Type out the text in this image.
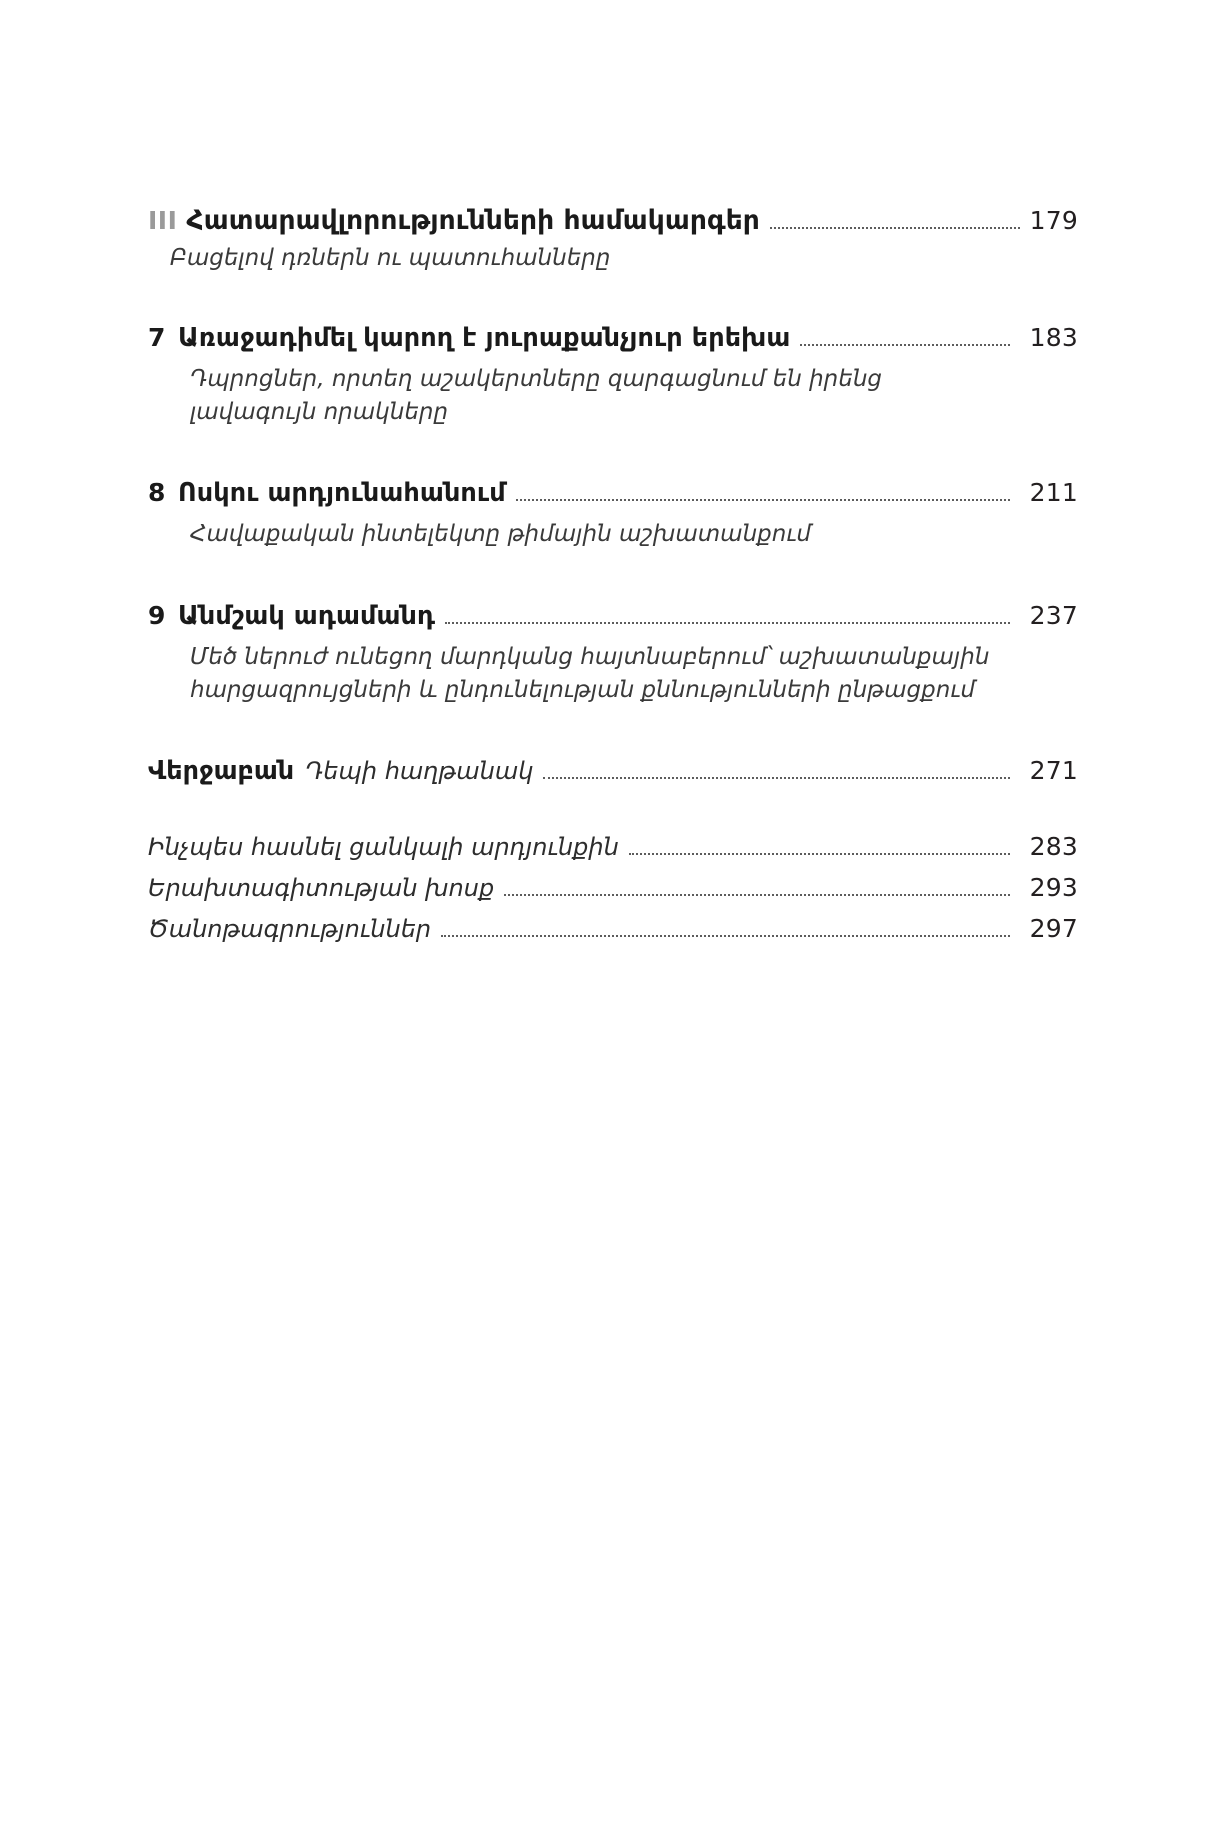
III Հատարավլորությունների համակարգեր	179
Բացելով դռներն ու պատուհանները
7 Առաջադիմել կարող է յուրաքանչյուր երեխա	183
Դպրոցներ, որտեղ աշակերտները զարգացնում են իրենց լավագույն որակները
8 Ոսկու արդյունահանում	211
Հավաքական ինտելեկտը թիմային աշխատանքում
9 Անմշակ ադամանդ	237
Մեծ ներուժ ունեցող մարդկանց հայտնաբերում՝ աշխատանքային հարցազրույցների և ընդունելության քննությունների ընթացքում
Վերջաբան Դեպի հաղթանակ	271
Ինչպես հասնել ցանկալի արդյունքին	283
Երախտագիտության խոսք	293
Ծանոթագրություններ	297
